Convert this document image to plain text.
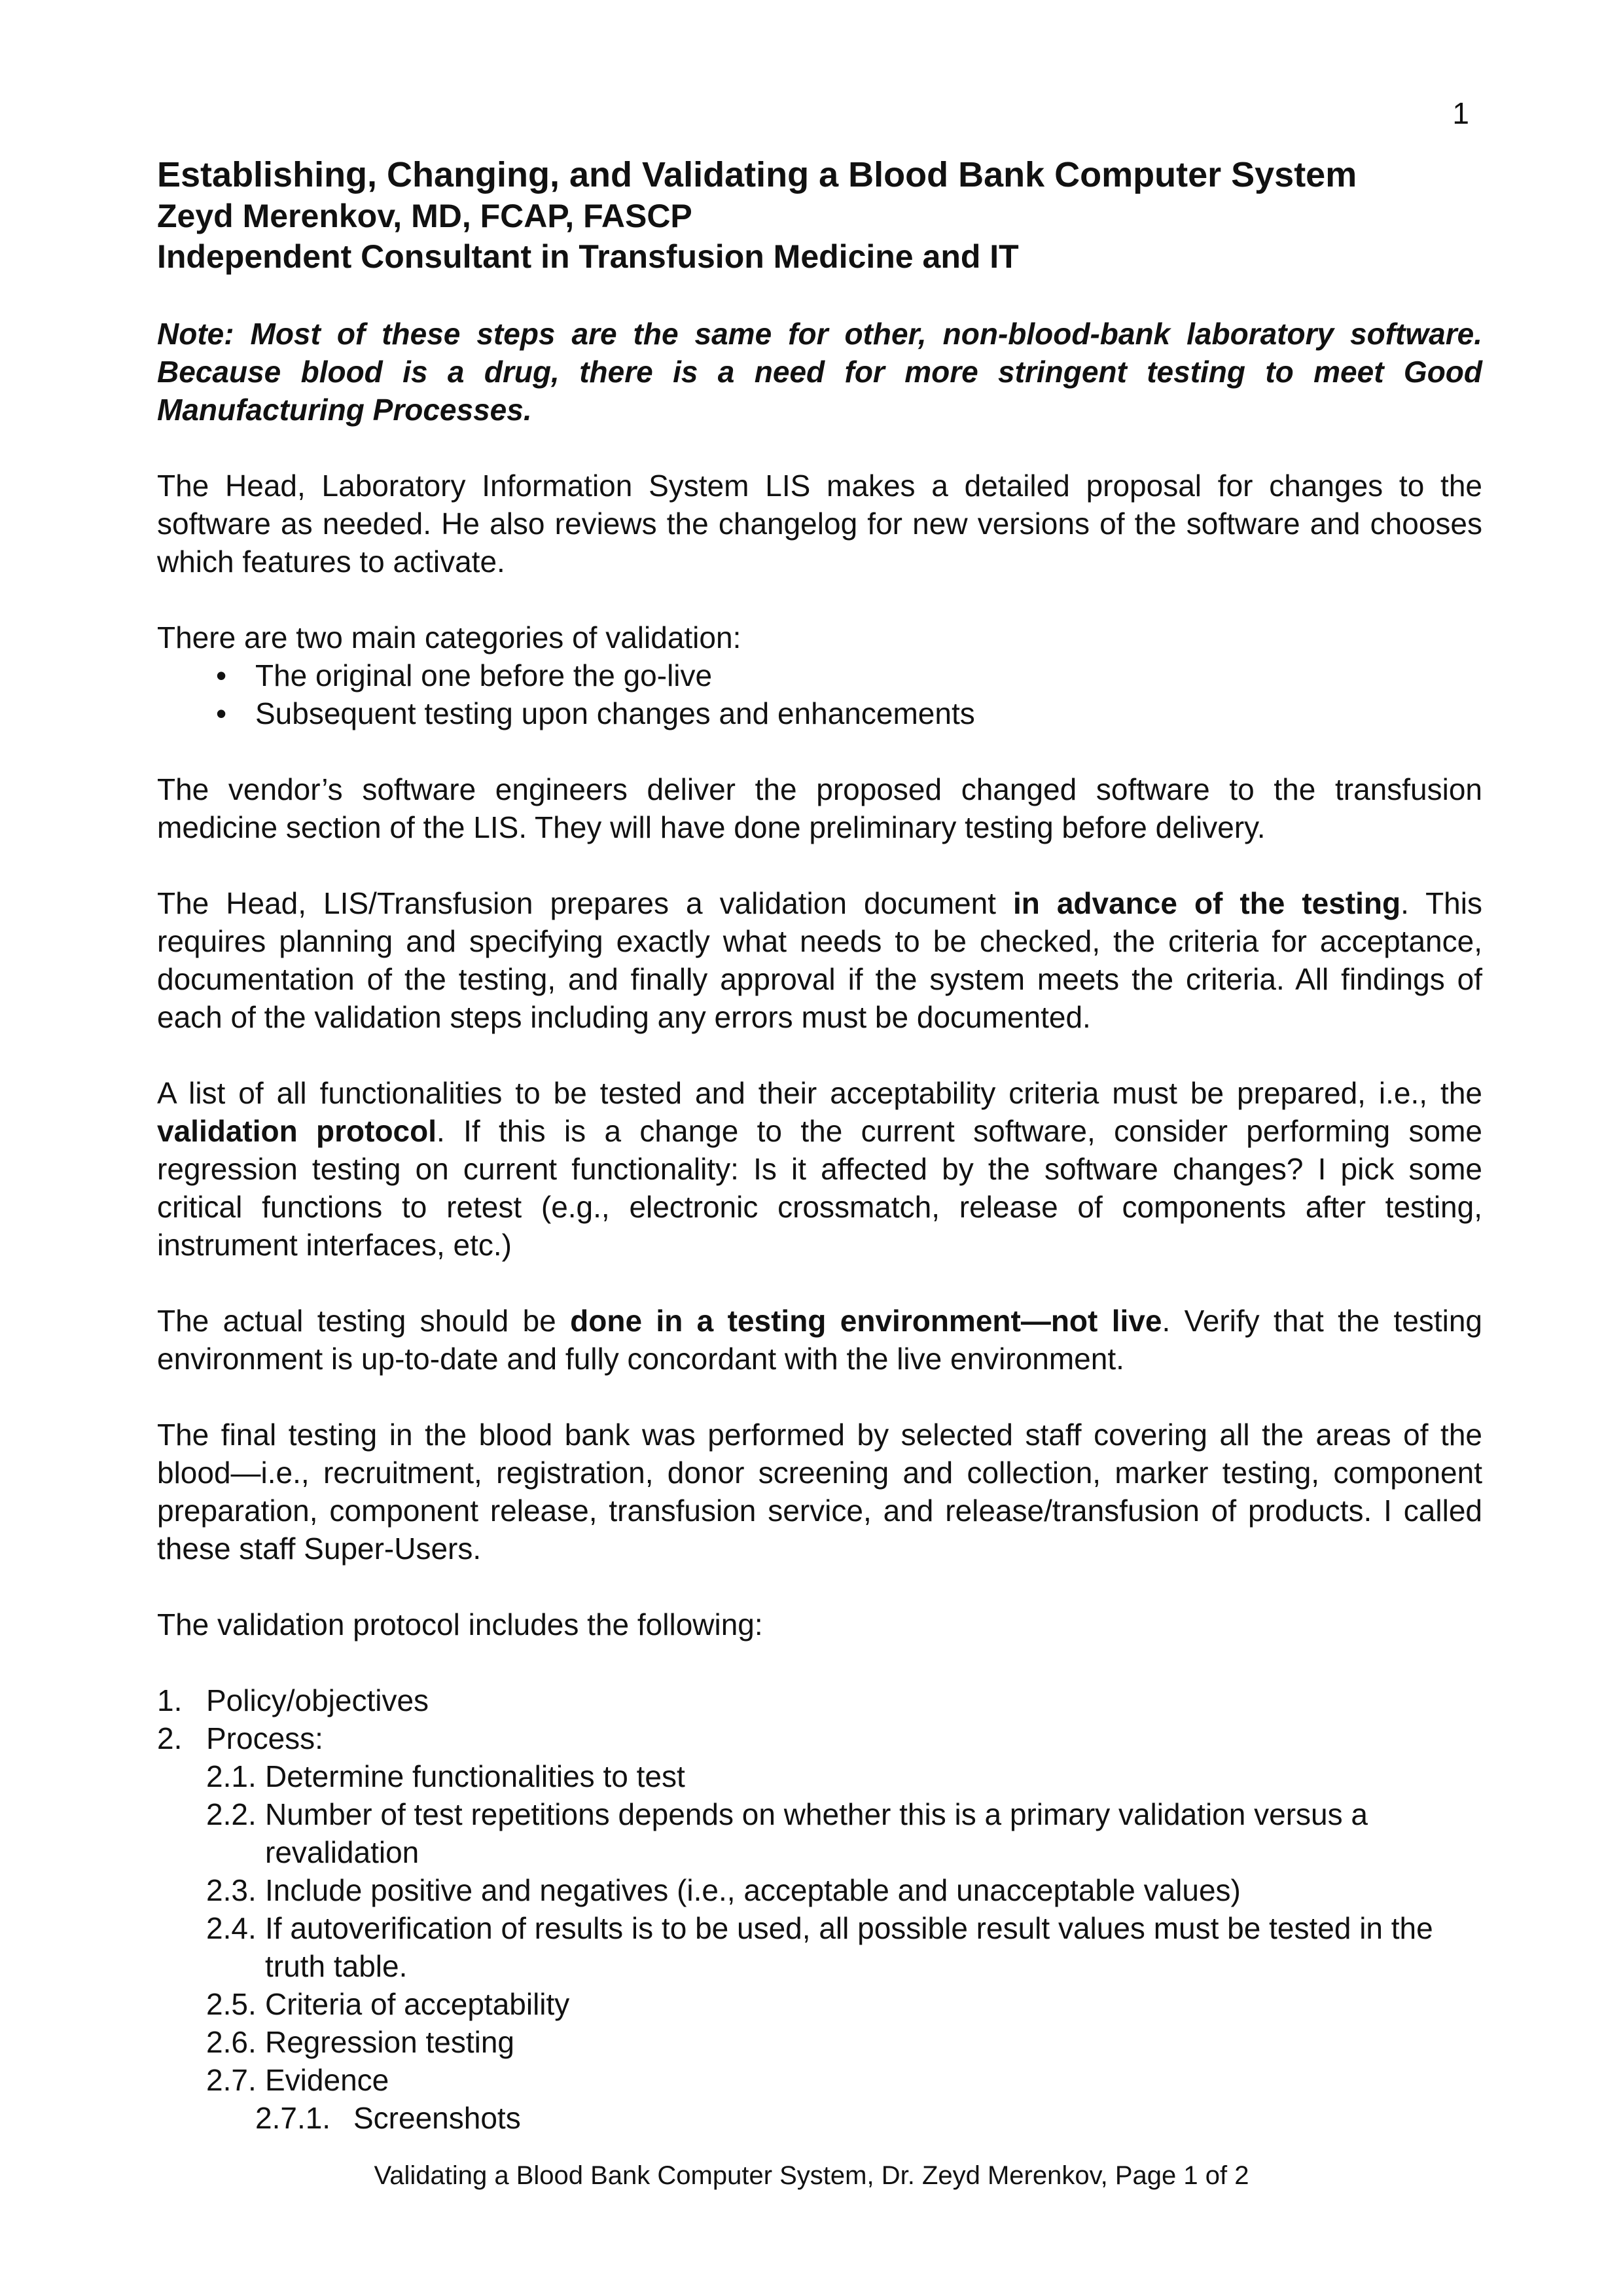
1
Establishing, Changing, and Validating a Blood Bank Computer System
Zeyd Merenkov, MD, FCAP, FASCP
Independent Consultant in Transfusion Medicine and IT

Note: Most of these steps are the same for other, non-blood-bank laboratory software. Because blood is a drug, there is a need for more stringent testing to meet Good Manufacturing Processes.

The Head, Laboratory Information System LIS makes a detailed proposal for changes to the software as needed. He also reviews the changelog for new versions of the software and chooses which features to activate.

There are two main categories of validation:

• The original one before the go-live
• Subsequent testing upon changes and enhancements

The vendor’s software engineers deliver the proposed changed software to the transfusion medicine section of the LIS. They will have done preliminary testing before delivery.

The Head, LIS/Transfusion prepares a validation document in advance of the testing. This requires planning and specifying exactly what needs to be checked, the criteria for acceptance, documentation of the testing, and finally approval if the system meets the criteria. All findings of each of the validation steps including any errors must be documented.

A list of all functionalities to be tested and their acceptability criteria must be prepared, i.e., the validation protocol. If this is a change to the current software, consider performing some regression testing on current functionality: Is it affected by the software changes? I pick some critical functions to retest (e.g., electronic crossmatch, release of components after testing, instrument interfaces, etc.)

The actual testing should be done in a testing environment—not live. Verify that the testing environment is up-to-date and fully concordant with the live environment.

The final testing in the blood bank was performed by selected staff covering all the areas of the blood—i.e., recruitment, registration, donor screening and collection, marker testing, component preparation, component release, transfusion service, and release/transfusion of products. I called these staff Super-Users.

The validation protocol includes the following:

1. Policy/objectives
2. Process:
2.1. Determine functionalities to test
2.2. Number of test repetitions depends on whether this is a primary validation versus a revalidation
2.3. Include positive and negatives (i.e., acceptable and unacceptable values)
2.4. If autoverification of results is to be used, all possible result values must be tested in the truth table.
2.5. Criteria of acceptability
2.6. Regression testing
2.7. Evidence
2.7.1. Screenshots
Validating a Blood Bank Computer System, Dr. Zeyd Merenkov, Page 1 of 2
